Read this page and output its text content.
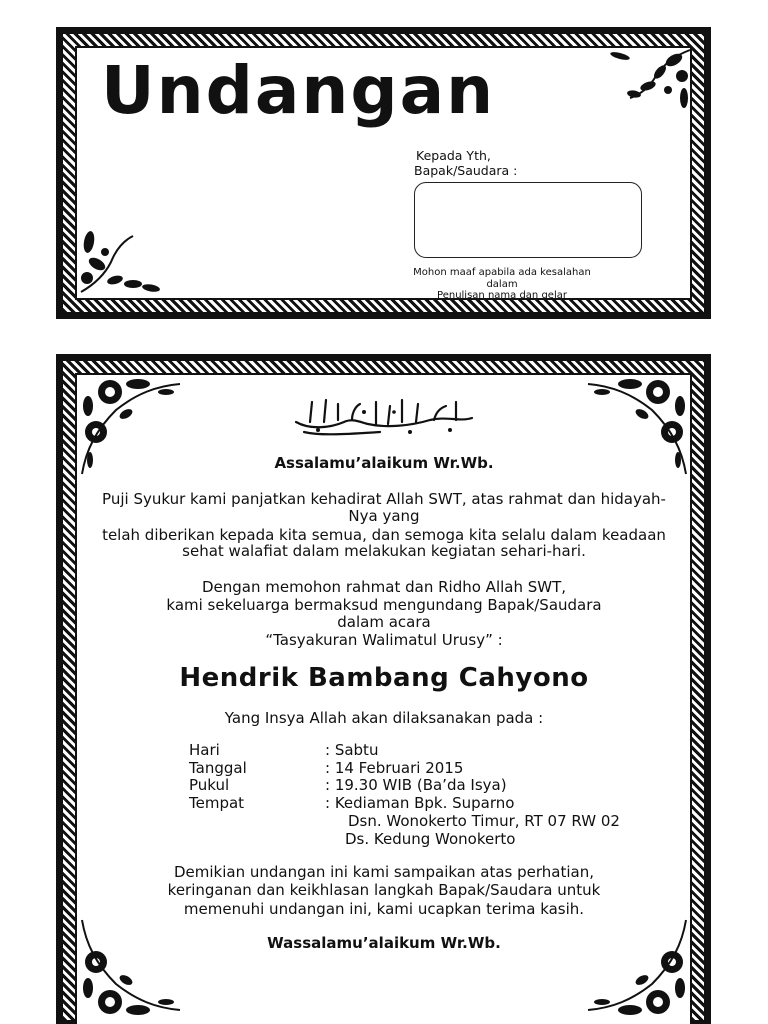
Undangan
Kepada Yth,
Bapak/Saudara :
Mohon maaf apabila ada kesalahan
dalam
Penulisan nama dan gelar
Assalamu’alaikum Wr.Wb.
Puji Syukur kami panjatkan kehadirat Allah SWT, atas rahmat dan hidayah-
Nya yang
telah diberikan kepada kita semua, dan semoga kita selalu dalam keadaan
sehat walafiat dalam melakukan kegiatan sehari-hari.
Dengan memohon rahmat dan Ridho Allah SWT,
kami sekeluarga bermaksud mengundang Bapak/Saudara
dalam acara
“Tasyakuran Walimatul Urusy” :
Hendrik Bambang Cahyono
Yang Insya Allah akan dilaksanakan pada :
Hari	: Sabtu
Tanggal	: 14 Februari 2015
Pukul	: 19.30 WIB (Ba’da Isya)
Tempat	: Kediaman Bpk. Suparno
Dsn. Wonokerto Timur, RT 07 RW 02
Ds. Kedung Wonokerto
Demikian undangan ini kami sampaikan atas perhatian,
keringanan dan keikhlasan langkah Bapak/Saudara untuk
memenuhi undangan ini, kami ucapkan terima kasih.
Wassalamu’alaikum Wr.Wb.
